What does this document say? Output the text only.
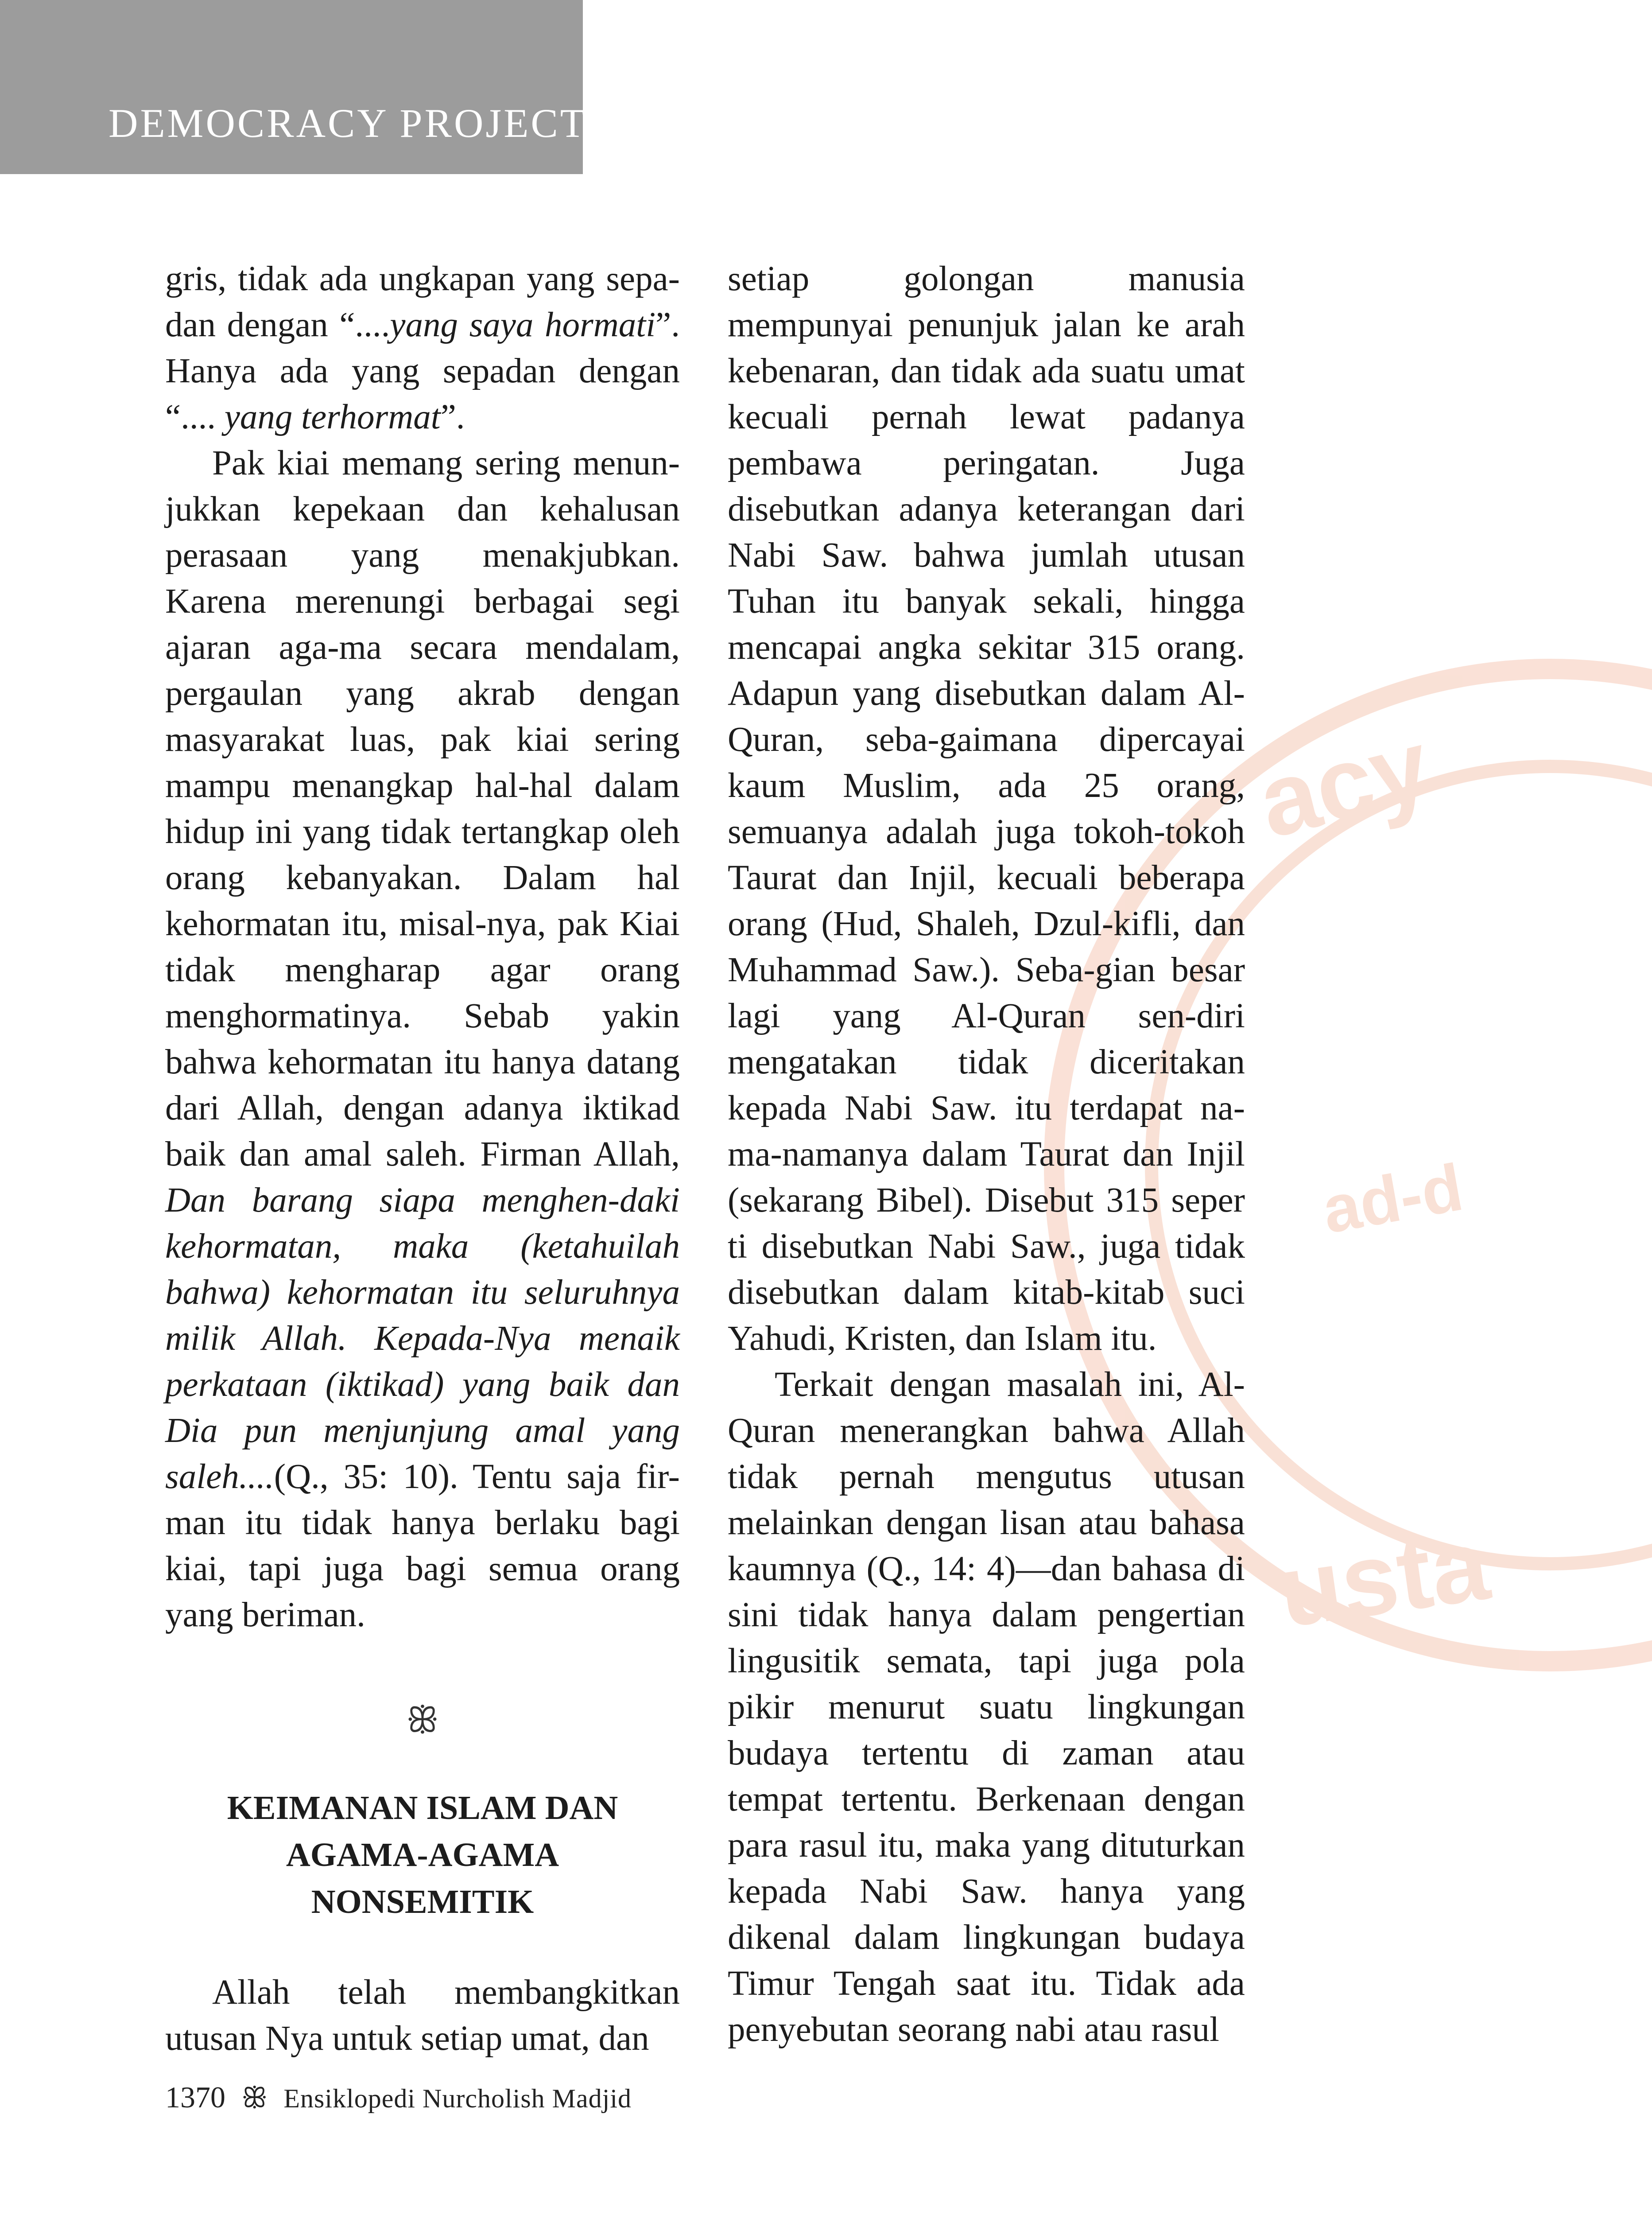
DEMOCRACY PROJECT
acy
ad-d
usta

gris, tidak ada ungkapan yang sepa-dan dengan “....yang saya hormati”. Hanya ada yang sepadan dengan “.... yang terhormat”.

Pak kiai memang sering menun-jukkan kepekaan dan kehalusan perasaan yang menakjubkan. Karena merenungi berbagai segi ajaran aga-ma secara mendalam, pergaulan yang akrab dengan masyarakat luas, pak kiai sering mampu menangkap hal-hal dalam hidup ini yang tidak tertangkap oleh orang kebanyakan. Dalam hal kehormatan itu, misal-nya, pak Kiai tidak mengharap agar orang menghormatinya. Sebab yakin bahwa kehormatan itu hanya datang dari Allah, dengan adanya iktikad baik dan amal saleh. Firman Allah, Dan barang siapa menghen-daki kehormatan, maka (ketahuilah bahwa) kehormatan itu seluruhnya milik Allah. Kepada-Nya menaik perkataan (iktikad) yang baik dan Dia pun menjunjung amal yang saleh....(Q., 35: 10). Tentu saja fir-man itu tidak hanya berlaku bagi kiai, tapi juga bagi semua orang yang beriman.

ꕥ
KEIMANAN ISLAM DAN
AGAMA-AGAMA
NONSEMITIK

Allah telah membangkitkan utusan Nya untuk setiap umat, dan

setiap golongan manusia mempunyai penunjuk jalan ke arah kebenaran, dan tidak ada suatu umat kecuali pernah lewat padanya pembawa peringatan. Juga disebutkan adanya keterangan dari Nabi Saw. bahwa jumlah utusan Tuhan itu banyak sekali, hingga mencapai angka sekitar 315 orang. Adapun yang disebutkan dalam Al-Quran, seba-gaimana dipercayai kaum Muslim, ada 25 orang, semuanya adalah juga tokoh-tokoh Taurat dan Injil, kecuali beberapa orang (Hud, Shaleh, Dzul-kifli, dan Muhammad Saw.). Seba-gian besar lagi yang Al-Quran sen-diri mengatakan tidak diceritakan kepada Nabi Saw. itu terdapat na-ma-namanya dalam Taurat dan Injil (sekarang Bibel). Disebut 315 seper ti disebutkan Nabi Saw., juga tidak disebutkan dalam kitab-kitab suci Yahudi, Kristen, dan Islam itu.

Terkait dengan masalah ini, Al-Quran menerangkan bahwa Allah tidak pernah mengutus utusan melainkan dengan lisan atau bahasa kaumnya (Q., 14: 4)—dan bahasa di sini tidak hanya dalam pengertian lingusitik semata, tapi juga pola pikir menurut suatu lingkungan budaya tertentu di zaman atau tempat tertentu. Berkenaan dengan para rasul itu, maka yang dituturkan kepada Nabi Saw. hanya yang dikenal dalam lingkungan budaya Timur Tengah saat itu. Tidak ada penyebutan seorang nabi atau rasul

1370 ꕥ Ensiklopedi Nurcholish Madjid
